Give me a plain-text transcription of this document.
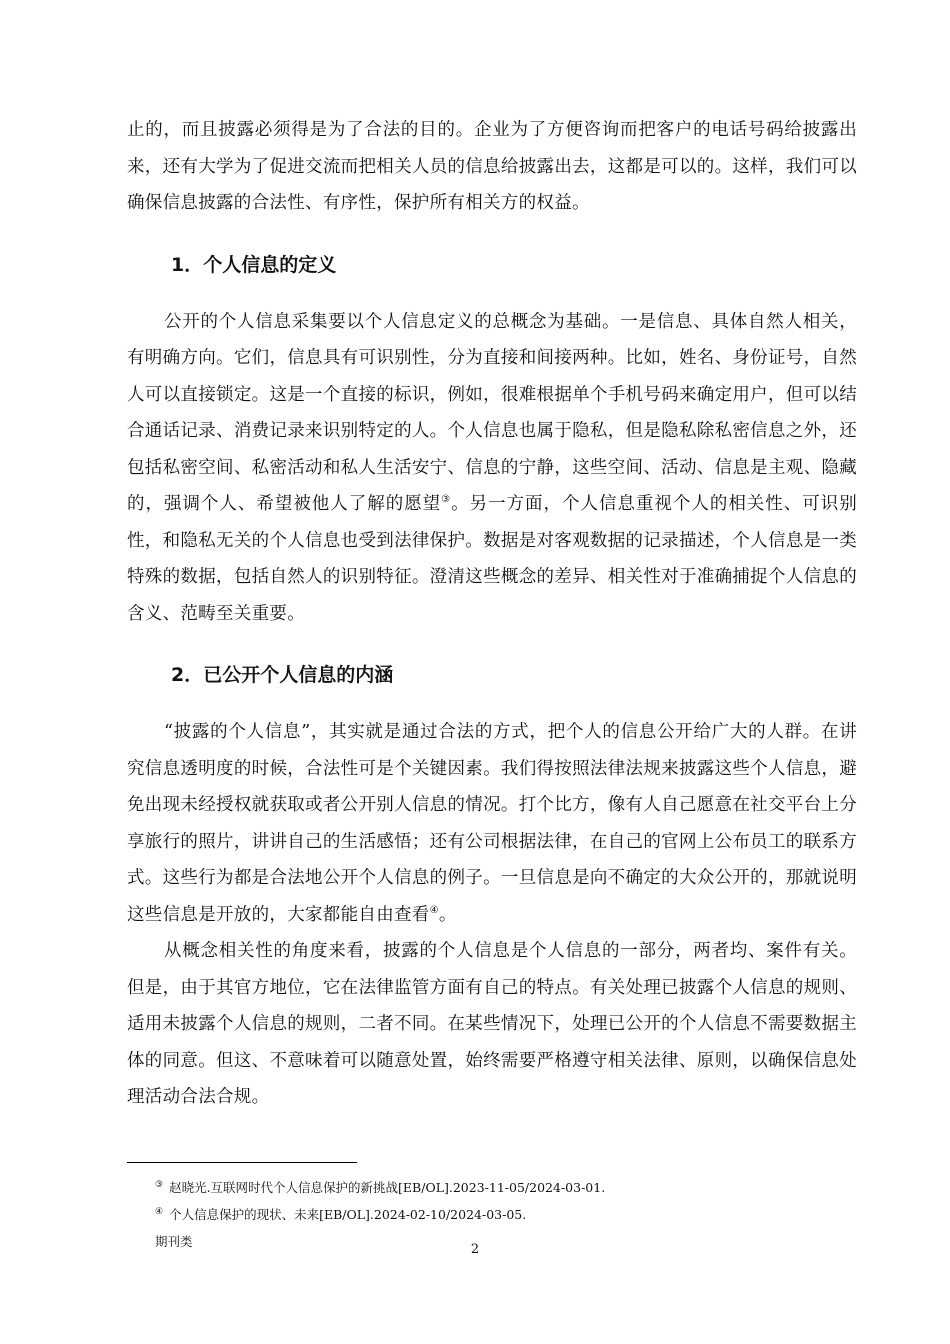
止的，而且披露必须得是为了合法的目的。企业为了方便咨询而把客户的电话号码给披露出来，还有大学为了促进交流而把相关人员的信息给披露出去，这都是可以的。这样，我们可以确保信息披露的合法性、有序性，保护所有相关方的权益。

1．个人信息的定义

公开的个人信息采集要以个人信息定义的总概念为基础。一是信息、具体自然人相关，有明确方向。它们，信息具有可识别性，分为直接和间接两种。比如，姓名、身份证号，自然人可以直接锁定。这是一个直接的标识，例如，很难根据单个手机号码来确定用户，但可以结合通话记录、消费记录来识别特定的人。个人信息也属于隐私，但是隐私除私密信息之外，还包括私密空间、私密活动和私人生活安宁、信息的宁静，这些空间、活动、信息是主观、隐藏的，强调个人、希望被他人了解的愿望③。另一方面，个人信息重视个人的相关性、可识别性，和隐私无关的个人信息也受到法律保护。数据是对客观数据的记录描述，个人信息是一类特殊的数据，包括自然人的识别特征。澄清这些概念的差异、相关性对于准确捕捉个人信息的含义、范畴至关重要。

2．已公开个人信息的内涵

“披露的个人信息”，其实就是通过合法的方式，把个人的信息公开给广大的人群。在讲究信息透明度的时候，合法性可是个关键因素。我们得按照法律法规来披露这些个人信息，避免出现未经授权就获取或者公开别人信息的情况。打个比方，像有人自己愿意在社交平台上分享旅行的照片，讲讲自己的生活感悟；还有公司根据法律，在自己的官网上公布员工的联系方式。这些行为都是合法地公开个人信息的例子。一旦信息是向不确定的大众公开的，那就说明这些信息是开放的，大家都能自由查看④。

从概念相关性的角度来看，披露的个人信息是个人信息的一部分，两者均、案件有关。但是，由于其官方地位，它在法律监管方面有自己的特点。有关处理已披露个人信息的规则、适用未披露个人信息的规则，二者不同。在某些情况下，处理已公开的个人信息不需要数据主体的同意。但这、不意味着可以随意处置，始终需要严格遵守相关法律、原则，以确保信息处理活动合法合规。

③ 赵晓光.互联网时代个人信息保护的新挑战[EB/OL].2023-11-05/2024-03-01.
④ 个人信息保护的现状、未来[EB/OL].2024-02-10/2024-03-05.
期刊类
2
